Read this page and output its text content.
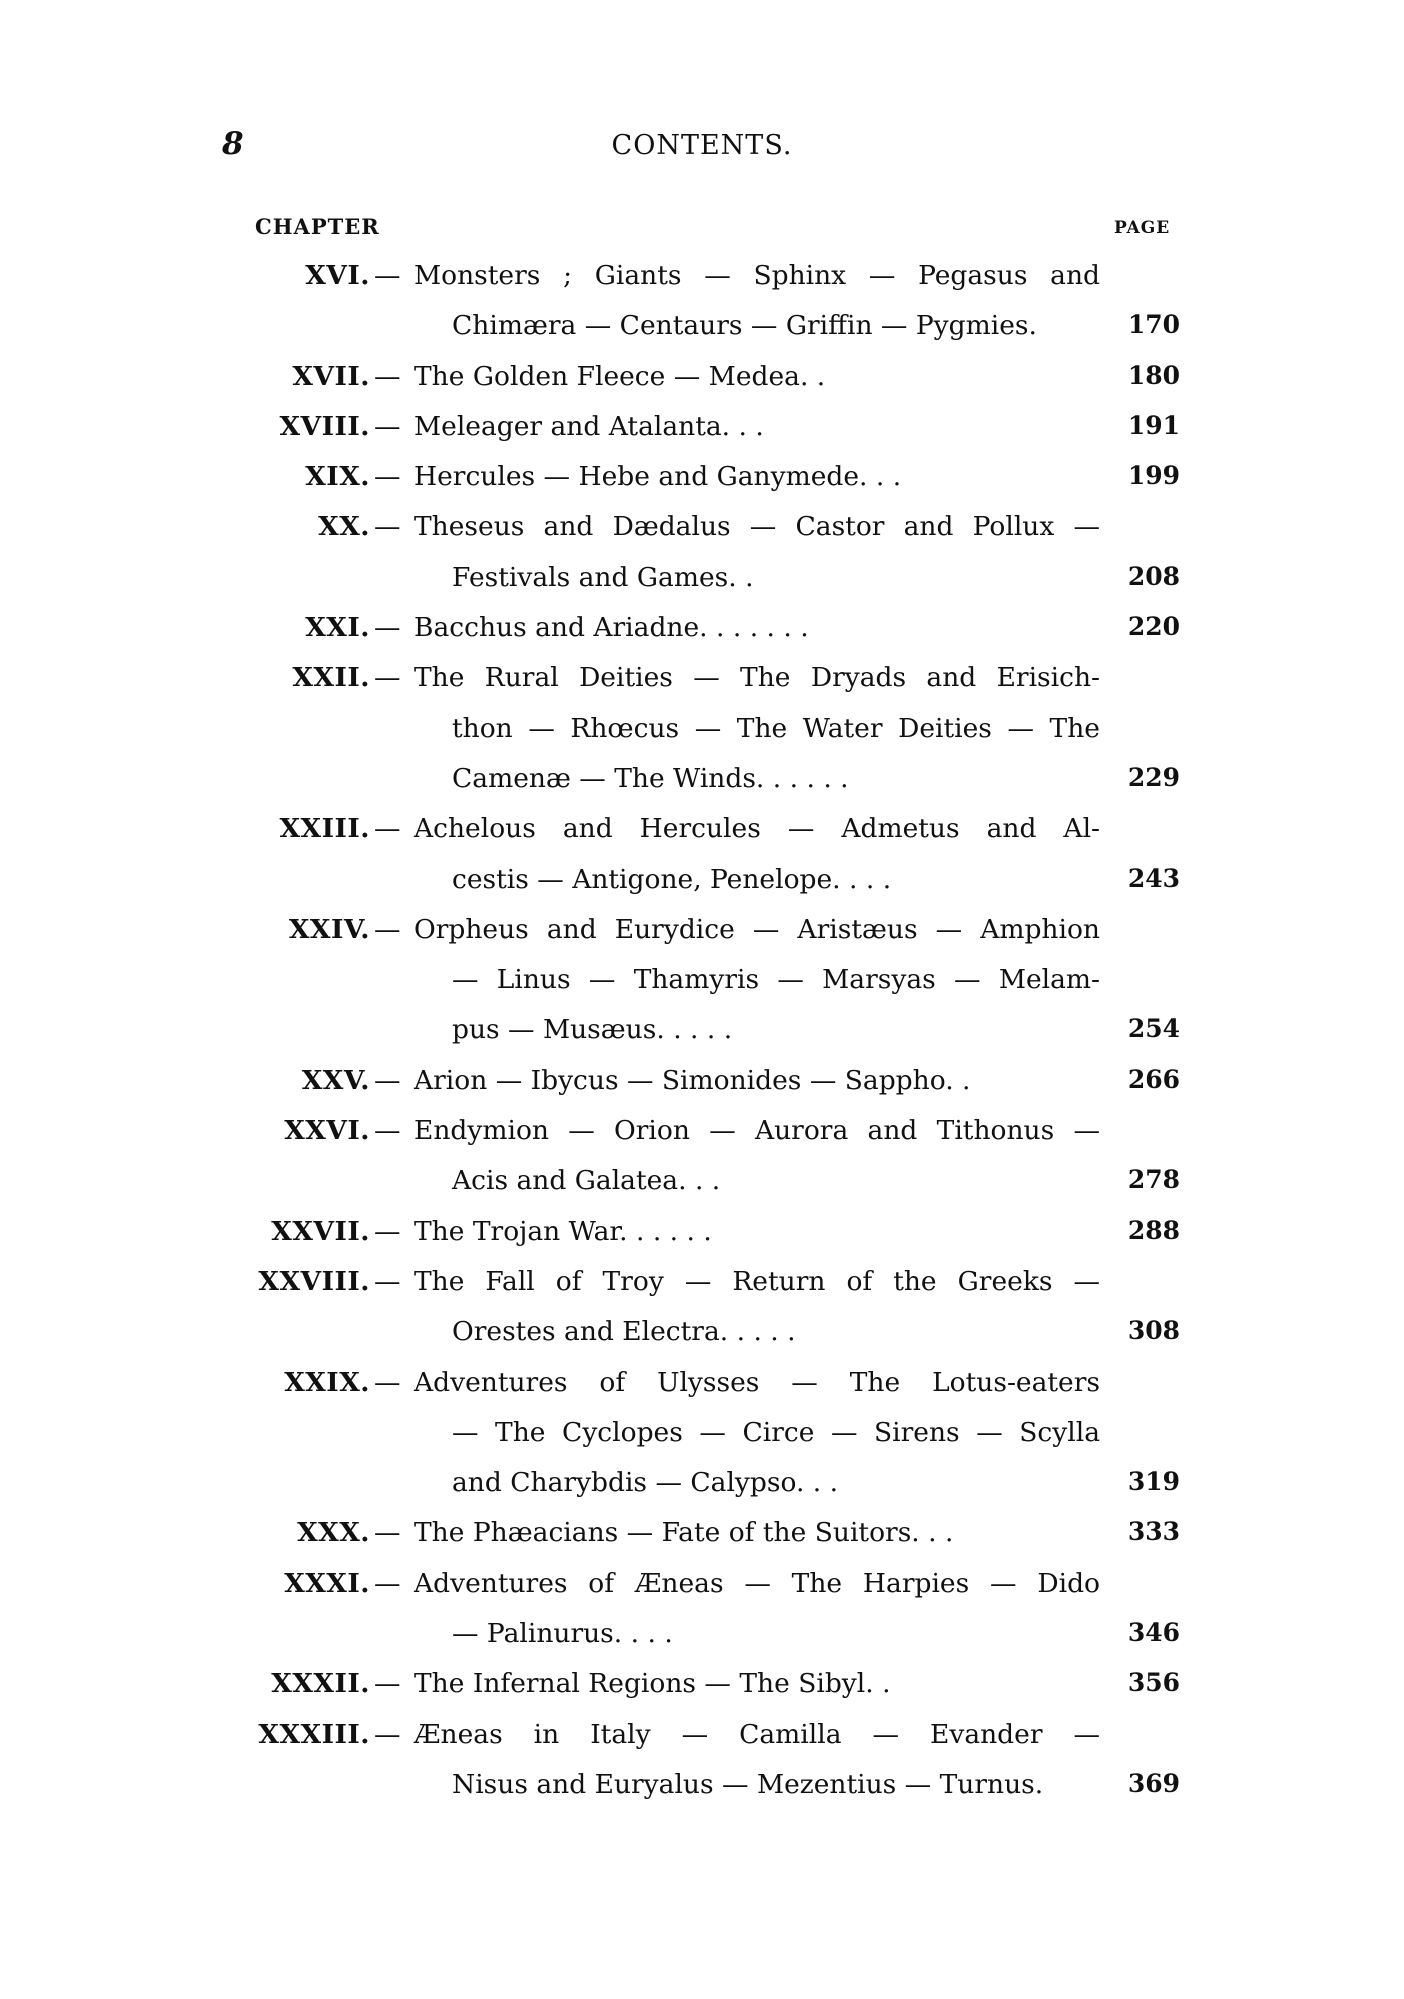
8	CONTENTS.
CHAPTER	PAGE
XVI. — Monsters ; Giants — Sphinx — Pegasus and
Chimæra — Centaurs — Griffin — Pygmies.	170
XVII. — The Golden Fleece — Medea. .	180
XVIII. — Meleager and Atalanta. . .	191
XIX. — Hercules — Hebe and Ganymede. . .	199
XX. — Theseus and Dædalus — Castor and Pollux —
Festivals and Games. .	208
XXI. — Bacchus and Ariadne. . . . . . .	220
XXII. — The Rural Deities — The Dryads and Erisich-
thon — Rhœcus — The Water Deities — The
Camenæ — The Winds. . . . . .	229
XXIII. — Achelous and Hercules — Admetus and Al-
cestis — Antigone, Penelope. . . .	243
XXIV. — Orpheus and Eurydice — Aristæus — Amphion
— Linus — Thamyris — Marsyas — Melam-
pus — Musæus. . . . .	254
XXV. — Arion — Ibycus — Simonides — Sappho. .	266
XXVI. — Endymion — Orion — Aurora and Tithonus —
Acis and Galatea. . .	278
XXVII. — The Trojan War. . . . . .	288
XXVIII. — The Fall of Troy — Return of the Greeks —
Orestes and Electra. . . . .	308
XXIX. — Adventures of Ulysses — The Lotus-eaters
— The Cyclopes — Circe — Sirens — Scylla
and Charybdis — Calypso. . .	319
XXX. — The Phæacians — Fate of the Suitors. . .	333
XXXI. — Adventures of Æneas — The Harpies — Dido
— Palinurus. . . .	346
XXXII. — The Infernal Regions — The Sibyl. .	356
XXXIII. — Æneas in Italy — Camilla — Evander —
Nisus and Euryalus — Mezentius — Turnus.	369
